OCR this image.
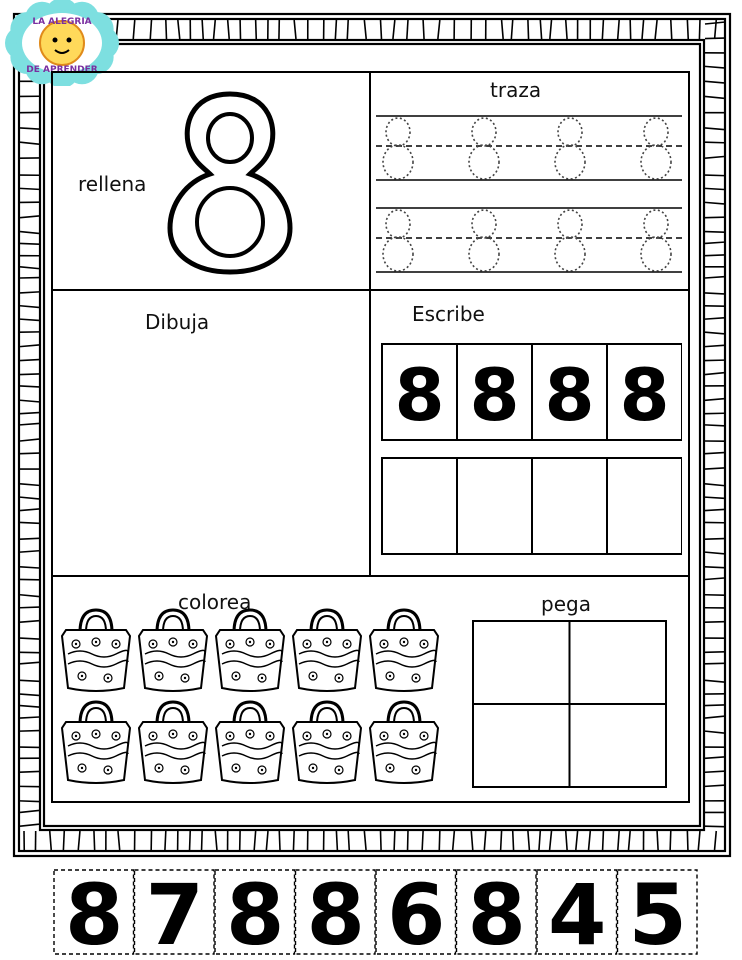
LA ALEGRIA
DE APRENDER
rellena
traza
Dibuja	Escribe
8 8 8 8
colorea	pega
8 7 8 8 6 8 4 5
